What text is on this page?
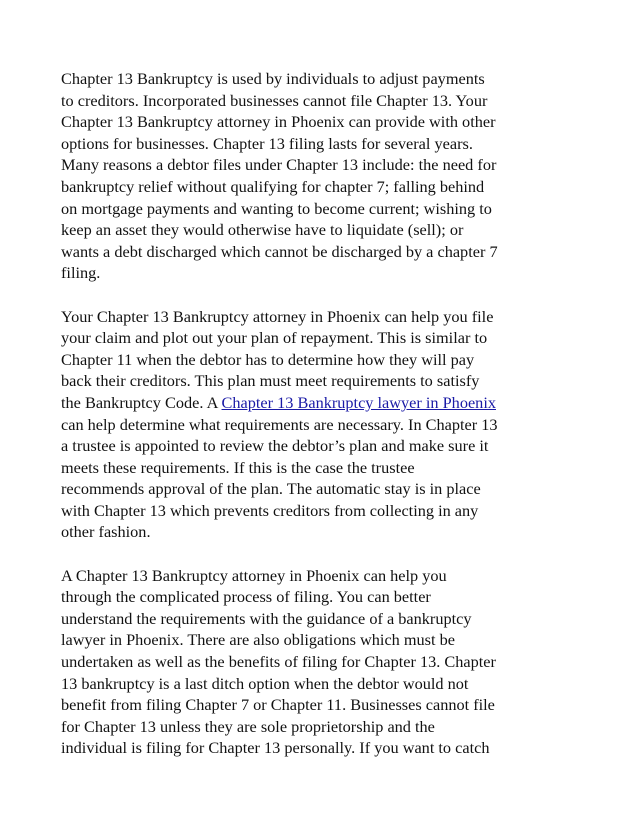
Chapter 13 Bankruptcy is used by individuals to adjust payments
to creditors. Incorporated businesses cannot file Chapter 13. Your
Chapter 13 Bankruptcy attorney in Phoenix can provide with other
options for businesses. Chapter 13 filing lasts for several years.
Many reasons a debtor files under Chapter 13 include: the need for
bankruptcy relief without qualifying for chapter 7; falling behind
on mortgage payments and wanting to become current; wishing to
keep an asset they would otherwise have to liquidate (sell); or
wants a debt discharged which cannot be discharged by a chapter 7
filing.
Your Chapter 13 Bankruptcy attorney in Phoenix can help you file
your claim and plot out your plan of repayment. This is similar to
Chapter 11 when the debtor has to determine how they will pay
back their creditors. This plan must meet requirements to satisfy
the Bankruptcy Code. A Chapter 13 Bankruptcy lawyer in Phoenix
can help determine what requirements are necessary. In Chapter 13
a trustee is appointed to review the debtor’s plan and make sure it
meets these requirements. If this is the case the trustee
recommends approval of the plan. The automatic stay is in place
with Chapter 13 which prevents creditors from collecting in any
other fashion.
A Chapter 13 Bankruptcy attorney in Phoenix can help you
through the complicated process of filing. You can better
understand the requirements with the guidance of a bankruptcy
lawyer in Phoenix. There are also obligations which must be
undertaken as well as the benefits of filing for Chapter 13. Chapter
13 bankruptcy is a last ditch option when the debtor would not
benefit from filing Chapter 7 or Chapter 11. Businesses cannot file
for Chapter 13 unless they are sole proprietorship and the
individual is filing for Chapter 13 personally. If you want to catch
